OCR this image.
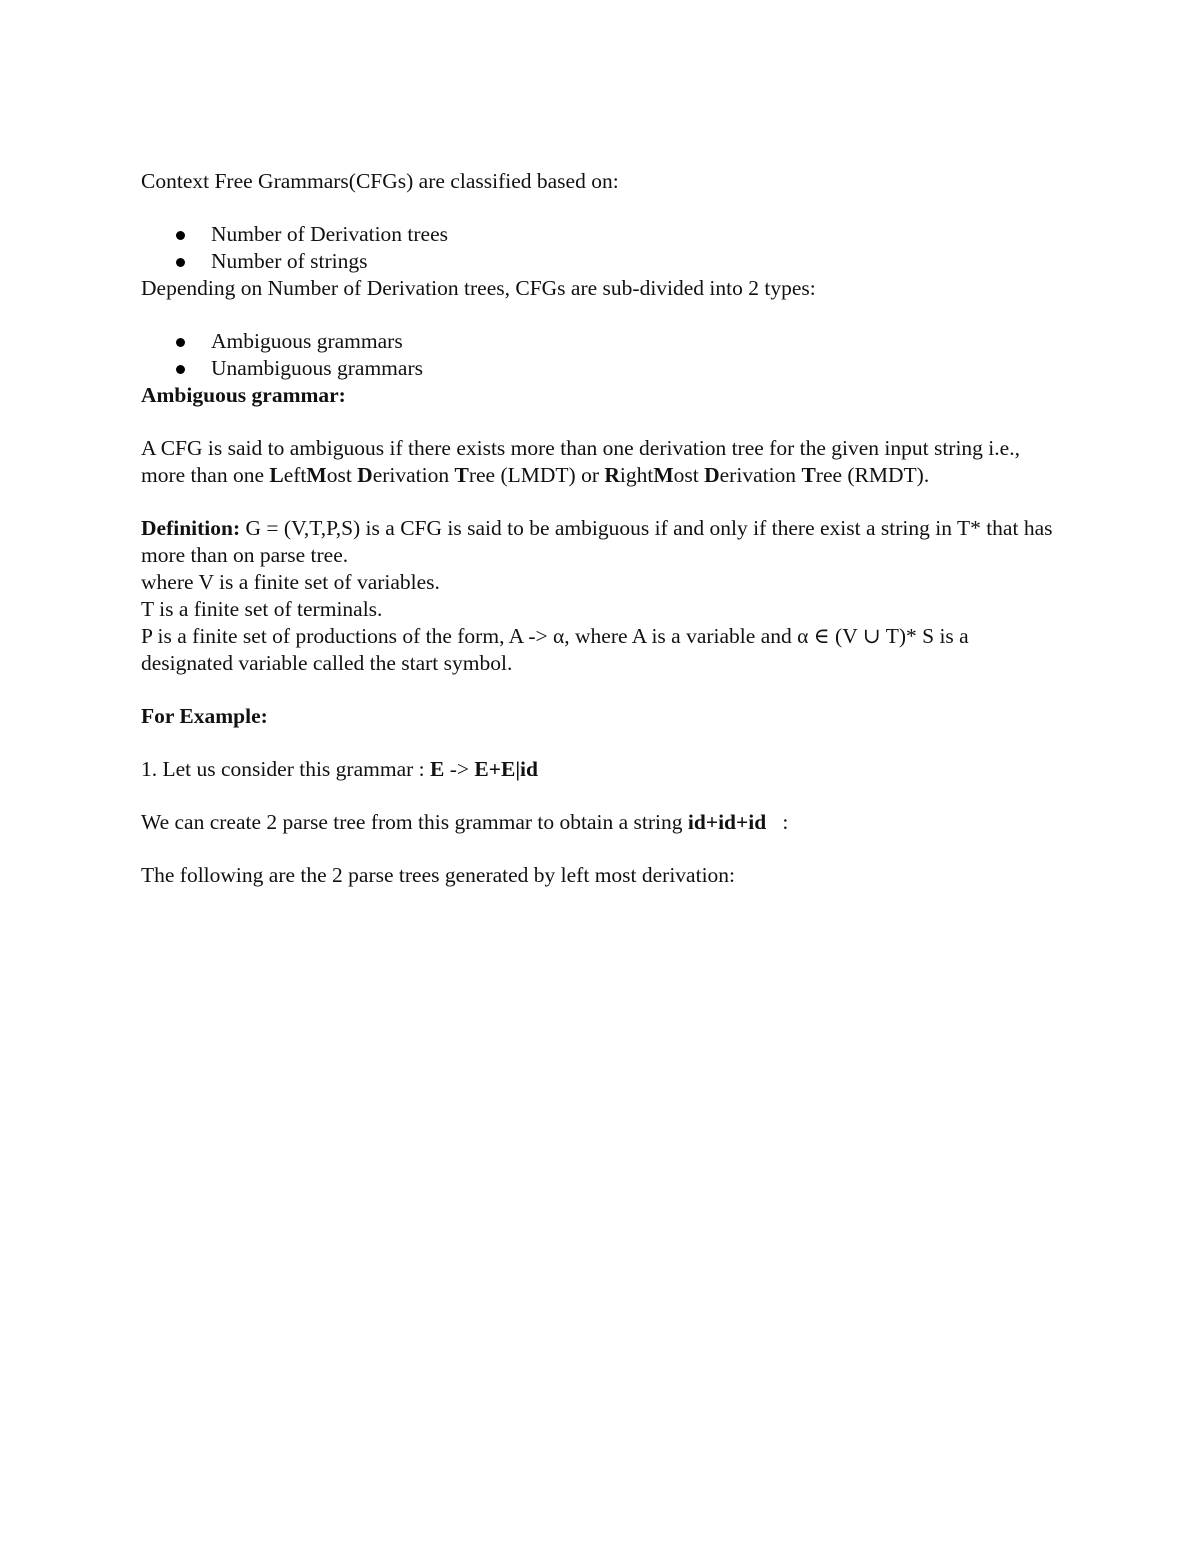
Context Free Grammars(CFGs) are classified based on:

Number of Derivation trees
Number of strings

Depending on Number of Derivation trees, CFGs are sub-divided into 2 types:

Ambiguous grammars
Unambiguous grammars

Ambiguous grammar:

A CFG is said to ambiguous if there exists more than one derivation tree for the given input string i.e., more than one LeftMost Derivation Tree (LMDT) or RightMost Derivation Tree (RMDT).

Definition: G = (V,T,P,S) is a CFG is said to be ambiguous if and only if there exist a string in T* that has more than on parse tree.
where V is a finite set of variables.
T is a finite set of terminals.
P is a finite set of productions of the form, A -> α, where A is a variable and α ∈ (V ∪ T)* S is a designated variable called the start symbol.

For Example:

1. Let us consider this grammar : E -> E+E|id

We can create 2 parse tree from this grammar to obtain a string id+id+id   :

The following are the 2 parse trees generated by left most derivation:
